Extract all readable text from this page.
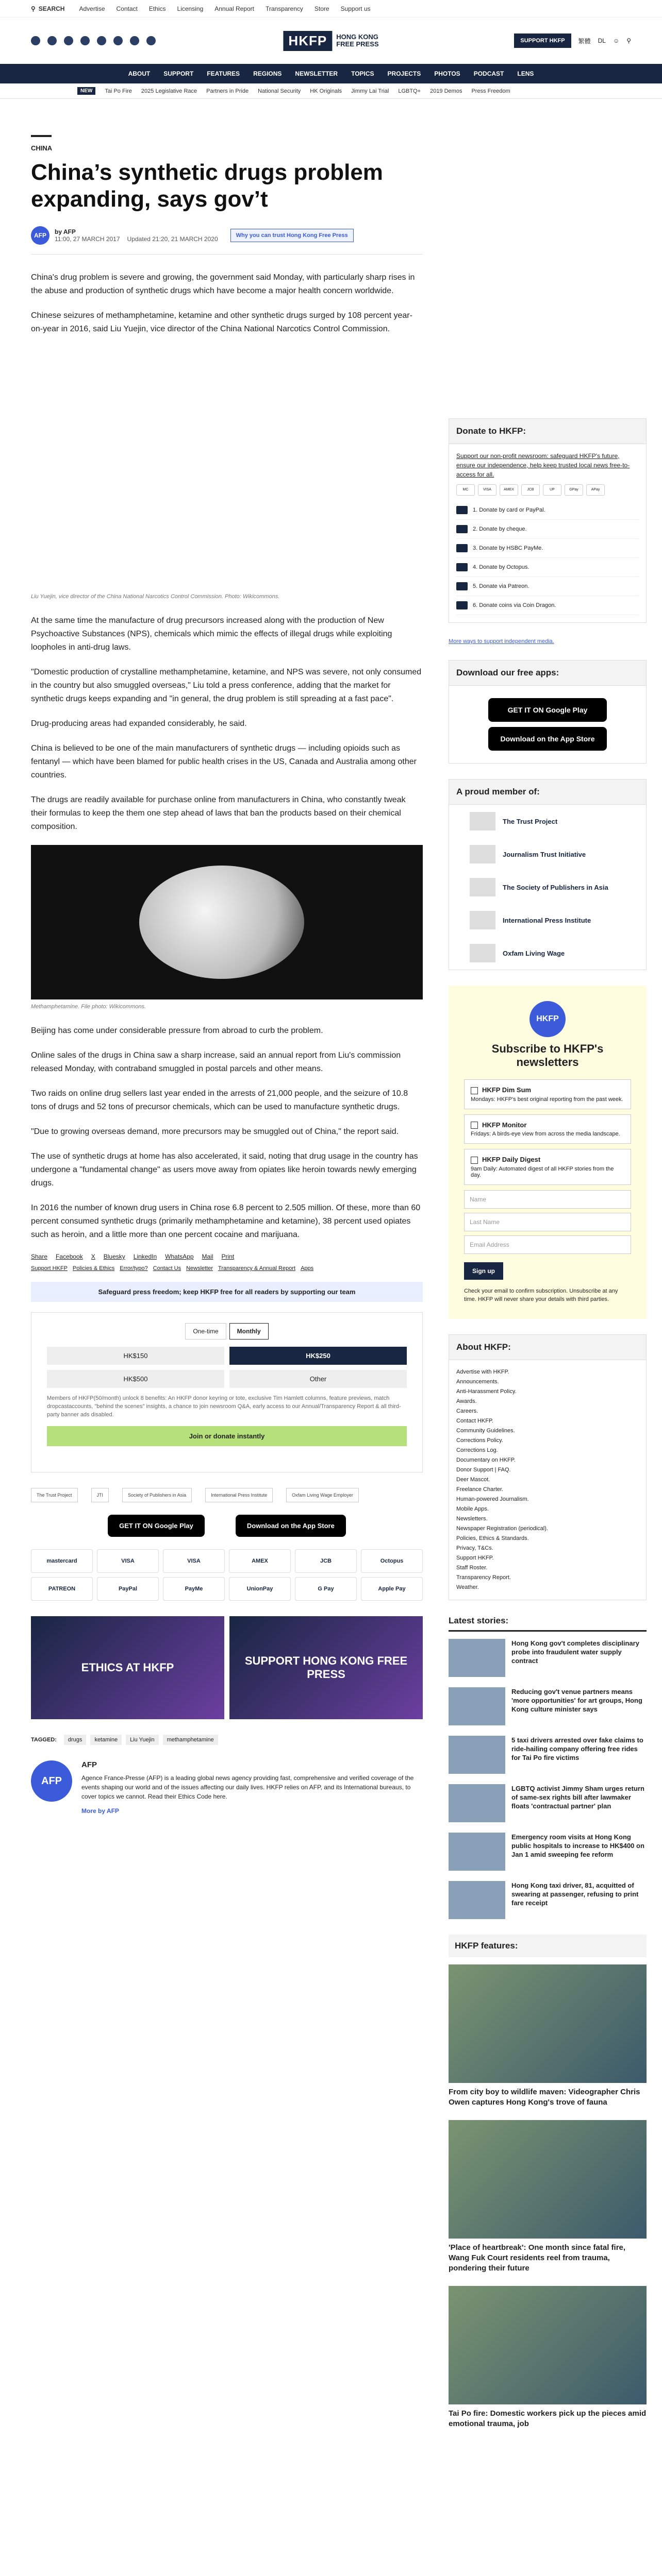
⚲ SEARCH Advertise Contact Ethics Licensing Annual Report Transparency Store Support us
HKFP	HONG KONG
FREE PRESS	SUPPORT HKFP	繁體 DL ☺ ⚲
ABOUT SUPPORT FEATURES REGIONS NEWSLETTER TOPICS PROJECTS PHOTOS PODCAST LENS
NEW	Tai Po Fire 2025 Legislative Race Partners in Pride National Security HK Originals Jimmy Lai Trial LGBTQ+ 2019 Demos Press Freedom
CHINA
China’s synthetic drugs problem expanding, says gov’t
AFP	by AFP
11:00, 27 MARCH 2017 Updated 21:20, 21 MARCH 2020	Why you can trust Hong Kong Free Press

China's drug problem is severe and growing, the government said Monday, with particularly sharp rises in the abuse and production of synthetic drugs which have become a major health concern worldwide.

Chinese seizures of methamphetamine, ketamine and other synthetic drugs surged by 108 percent year-on-year in 2016, said Liu Yuejin, vice director of the China National Narcotics Control Commission.

Liu Yuejin, vice director of the China National Narcotics Control Commission. Photo: Wikicommons.

At the same time the manufacture of drug precursors increased along with the production of New Psychoactive Substances (NPS), chemicals which mimic the effects of illegal drugs while exploiting loopholes in anti-drug laws.

"Domestic production of crystalline methamphetamine, ketamine, and NPS was severe, not only consumed in the country but also smuggled overseas," Liu told a press conference, adding that the market for synthetic drugs keeps expanding and "in general, the drug problem is still spreading at a fast pace".

Drug-producing areas had expanded considerably, he said.

China is believed to be one of the main manufacturers of synthetic drugs — including opioids such as fentanyl — which have been blamed for public health crises in the US, Canada and Australia among other countries.

The drugs are readily available for purchase online from manufacturers in China, who constantly tweak their formulas to keep the them one step ahead of laws that ban the products based on their chemical composition.

Methamphetamine. File photo: Wikicommons.

Beijing has come under considerable pressure from abroad to curb the problem.

Online sales of the drugs in China saw a sharp increase, said an annual report from Liu's commission released Monday, with contraband smuggled in postal parcels and other means.

Two raids on online drug sellers last year ended in the arrests of 21,000 people, and the seizure of 10.8 tons of drugs and 52 tons of precursor chemicals, which can be used to manufacture synthetic drugs.

"Due to growing overseas demand, more precursors may be smuggled out of China," the report said.

The use of synthetic drugs at home has also accelerated, it said, noting that drug usage in the country has undergone a "fundamental change" as users move away from opiates like heroin towards newly emerging drugs.

In 2016 the number of known drug users in China rose 6.8 percent to 2.505 million. Of these, more than 60 percent consumed synthetic drugs (primarily methamphetamine and ketamine), 38 percent used opiates such as heroin, and a little more than one percent cocaine and marijuana.

Share Facebook X Bluesky LinkedIn WhatsApp Mail Print
Support HKFP Policies & Ethics Error/typo? Contact Us Newsletter Transparency & Annual Report Apps
Safeguard press freedom; keep HKFP free for all readers by supporting our team
One-time	Monthly
HK$150	HK$250
HK$500	Other
Members of HKFP(50/month) unlock 8 benefits: An HKFP donor keyring or tote, exclusive Tim Hamlett columns, feature previews, match dropcastaccounts, "behind the scenes" insights, a chance to join newsroom Q&A, early access to our Annual/Transparency Report & all third-party banner ads disabled.
Join or donate instantly
The Trust Project	JTI	Society of Publishers in Asia	International Press Institute	Oxfam Living Wage Employer
GET IT ON Google Play	Download on the App Store
mastercard	VISA	VISA	AMEX	JCB	Octopus
PATREON	PayPal	PayMe	UnionPay	G Pay	Apple Pay
ETHICS AT HKFP
SUPPORT HONG KONG FREE PRESS
TAGGED:	drugs	ketamine	Liu Yuejin	methamphetamine
AFP
AFP

Agence France-Presse (AFP) is a leading global news agency providing fast, comprehensive and verified coverage of the events shaping our world and of the issues affecting our daily lives. HKFP relies on AFP, and its International bureaus, to cover topics we cannot. Read their Ethics Code here.

More by AFP
Donate to HKFP:
Support our non-profit newsroom: safeguard HKFP's future, ensure our independence, help keep trusted local news free-to-access for all.
MC	VISA	AMEX	JCB	UP	GPay	APay
1. Donate by card or PayPal.
2. Donate by cheque.
3. Donate by HSBC PayMe.
4. Donate by Octopus.
5. Donate via Patreon.
6. Donate coins via Coin Dragon.
More ways to support independent media.
Download our free apps:
GET IT ON Google Play
Download on the App Store
A proud member of:
The Trust Project
Journalism Trust Initiative
The Society of Publishers in Asia
International Press Institute
Oxfam Living Wage
HKFP
Subscribe to HKFP's newsletters
HKFP Dim Sum
Mondays: HKFP's best original reporting from the past week.
HKFP Monitor
Fridays: A birds-eye view from across the media landscape.
HKFP Daily Digest
9am Daily: Automated digest of all HKFP stories from the day.
Name
Last Name
Email Address
Sign up
Check your email to confirm subscription. Unsubscribe at any time. HKFP will never share your details with third parties.
About HKFP:
Advertise with HKFP.
Announcements.
Anti-Harassment Policy.
Awards.
Careers.
Contact HKFP.
Community Guidelines.
Corrections Policy.
Corrections Log.
Documentary on HKFP.
Donor Support | FAQ.
Deer Mascot.
Freelance Charter.
Human-powered Journalism.
Mobile Apps.
Newsletters.
Newspaper Registration (periodical).
Policies, Ethics & Standards.
Privacy, T&Cs.
Support HKFP.
Staff Roster.
Transparency Report.
Weather.
Latest stories:
Hong Kong gov't completes disciplinary probe into fraudulent water supply contract
Reducing gov't venue partners means 'more opportunities' for art groups, Hong Kong culture minister says
5 taxi drivers arrested over fake claims to ride-hailing company offering free rides for Tai Po fire victims
LGBTQ activist Jimmy Sham urges return of same-sex rights bill after lawmaker floats 'contractual partner' plan
Emergency room visits at Hong Kong public hospitals to increase to HK$400 on Jan 1 amid sweeping fee reform
Hong Kong taxi driver, 81, acquitted of swearing at passenger, refusing to print fare receipt
HKFP features:
From city boy to wildlife maven: Videographer Chris Owen captures Hong Kong's trove of fauna
'Place of heartbreak': One month since fatal fire, Wang Fuk Court residents reel from trauma, pondering their future
Tai Po fire: Domestic workers pick up the pieces amid emotional trauma, job
